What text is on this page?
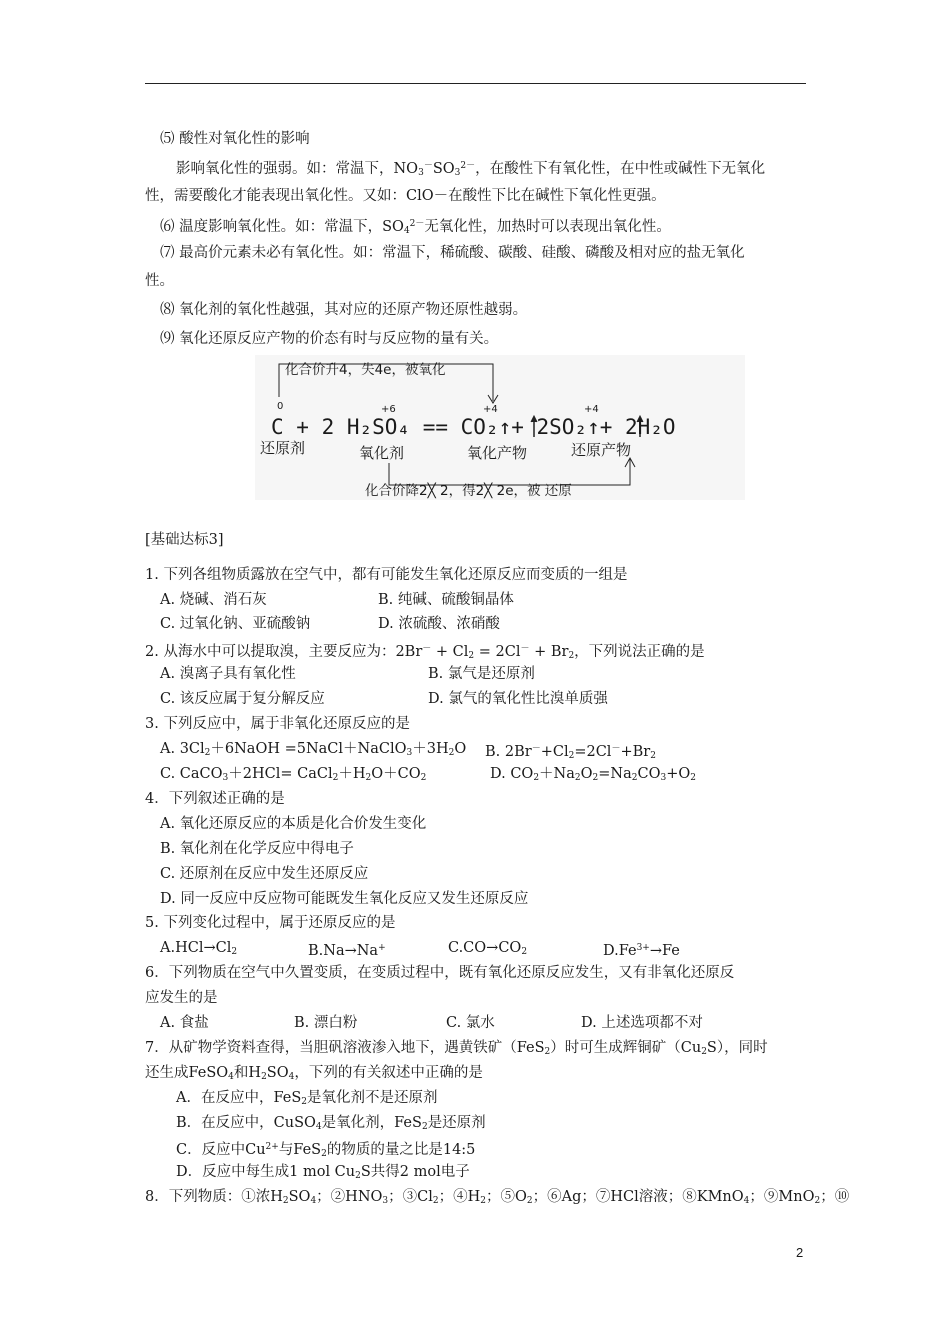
⑸ 酸性对氧化性的影响
影响氧化性的强弱。如：常温下，$NO_3^-SO_3^{2-}$，在酸性下有氧化性，在中性或碱性下无氧化
性，需要酸化才能表现出氧化性。又如：ClO－在酸性下比在碱性下氧化性更强。
⑹ 温度影响氧化性。如：常温下，$SO_4^{2-}$无氧化性，加热时可以表现出氧化性。
⑺ 最高价元素未必有氧化性。如：常温下，稀硫酸、碳酸、硅酸、磷酸及相对应的盐无氧化
性。
⑻ 氧化剂的氧化性越强，其对应的还原产物还原性越弱。
⑼ 氧化还原反应产物的价态有时与反应物的量有关。
[基础达标3]
1. 下列各组物质露放在空气中，都有可能发生氧化还原反应而变质的一组是
A. 烧碱、消石灰	B. 纯碱、硫酸铜晶体
C. 过氧化钠、亚硫酸钠	D. 浓硫酸、浓硝酸
2. 从海水中可以提取溴，主要反应为：$2Br^- + Cl_2 = 2Cl^- + Br_2$，下列说法正确的是
A. 溴离子具有氧化性	B. 氯气是还原剂
C. 该反应属于复分解反应	D. 氯气的氧化性比溴单质强
3. 下列反应中，属于非氧化还原反应的是
A. $3Cl_2+6NaOH$ $=5NaCl+NaClO_3+3H_2O$ B. $2Br^-+Cl_2=2Cl^-+Br_2$
C. CaCO$_3$＋2HCl= $CaCl_2+H_2O+CO_2$	D. $CO_2+Na_2O_2=Na_2CO_3+O_2$
4．下列叙述正确的是
A. 氧化还原反应的本质是化合价发生变化
B. 氧化剂在化学反应中得电子
C. 还原剂在反应中发生还原反应
D. 同一反应中反应物可能既发生氧化反应又发生还原反应
5. 下列变化过程中，属于还原反应的是
$A.HCl\to Cl_2$	B.Na→Na+	$C.CO\to CO_2$	$D.Fe^{3+}\to Fe$
6．下列物质在空气中久置变质，在变质过程中，既有氧化还原反应发生，又有非氧化还原反
应发生的是
A. 食盐	B. 漂白粉	C. 氯水	D. 上述选项都不对
7．从矿物学资料查得，当胆矾溶液渗入地下，遇黄铁矿（FeS$_2$）时可生成辉铜矿$(Cu_2S)$，同时
还生成FeSO$_4$和$H_2SO_4$，下列的有关叙述中正确的是
A．在反应中，FeS$_2$是氧化剂不是还原剂
B．在反应中，CuSO$_4$是氧化剂，FeS$_2$是还原剂
C．反应中$Cu^{2+}$与FeS$_2$的物质的量之比是14:5
D．反应中每生成1 mol $Cu_2S$共得2 mol电子
8．下列物质：①浓$H_2SO_4$；$②HNO_3$；$③Cl_2$；$④H_2$；$⑤O_2$；⑥Ag；⑦HCl溶液；⑧KMnO$_4$；⑨MnO$_2$；⑩
化合价升4，失4e，被氧化
0	+6	+4	+4
C + 2 H₂SO₄ == CO₂↑+ 2SO₂↑+ 2H₂O
还原剂	氧化剂	氧化产物	还原产物
化合价降2╳ 2，得2╳ 2e，被 还原
2
